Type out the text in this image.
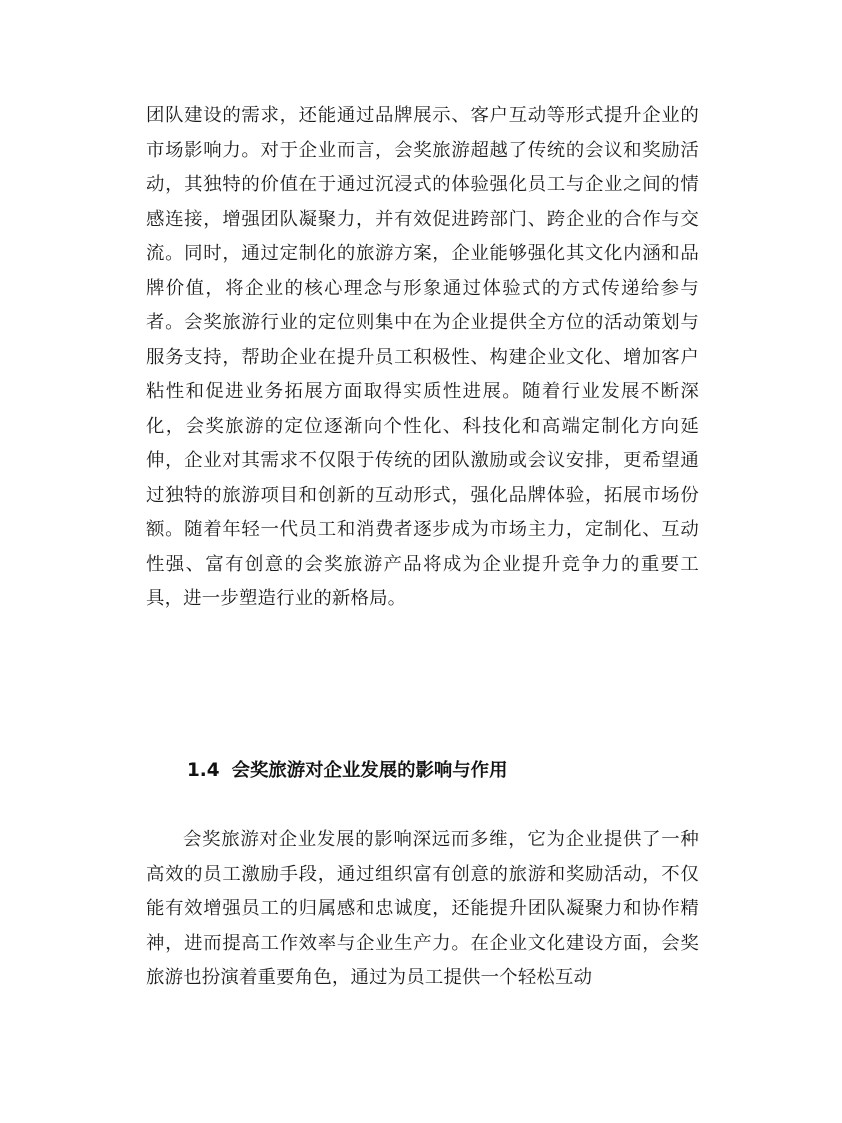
团队建设的需求，还能通过品牌展示、客户互动等形式提升企业的市场影响力。对于企业而言，会奖旅游超越了传统的会议和奖励活动，其独特的价值在于通过沉浸式的体验强化员工与企业之间的情感连接，增强团队凝聚力，并有效促进跨部门、跨企业的合作与交流。同时，通过定制化的旅游方案，企业能够强化其文化内涵和品牌价值，将企业的核心理念与形象通过体验式的方式传递给参与者。会奖旅游行业的定位则集中在为企业提供全方位的活动策划与服务支持，帮助企业在提升员工积极性、构建企业文化、增加客户粘性和促进业务拓展方面取得实质性进展。随着行业发展不断深化，会奖旅游的定位逐渐向个性化、科技化和高端定制化方向延伸，企业对其需求不仅限于传统的团队激励或会议安排，更希望通过独特的旅游项目和创新的互动形式，强化品牌体验，拓展市场份额。随着年轻一代员工和消费者逐步成为市场主力，定制化、互动性强、富有创意的会奖旅游产品将成为企业提升竞争力的重要工具，进一步塑造行业的新格局。

1.4 会奖旅游对企业发展的影响与作用

会奖旅游对企业发展的影响深远而多维，它为企业提供了一种高效的员工激励手段，通过组织富有创意的旅游和奖励活动，不仅能有效增强员工的归属感和忠诚度，还能提升团队凝聚力和协作精神，进而提高工作效率与企业生产力。在企业文化建设方面，会奖旅游也扮演着重要角色，通过为员工提供一个轻松互动
